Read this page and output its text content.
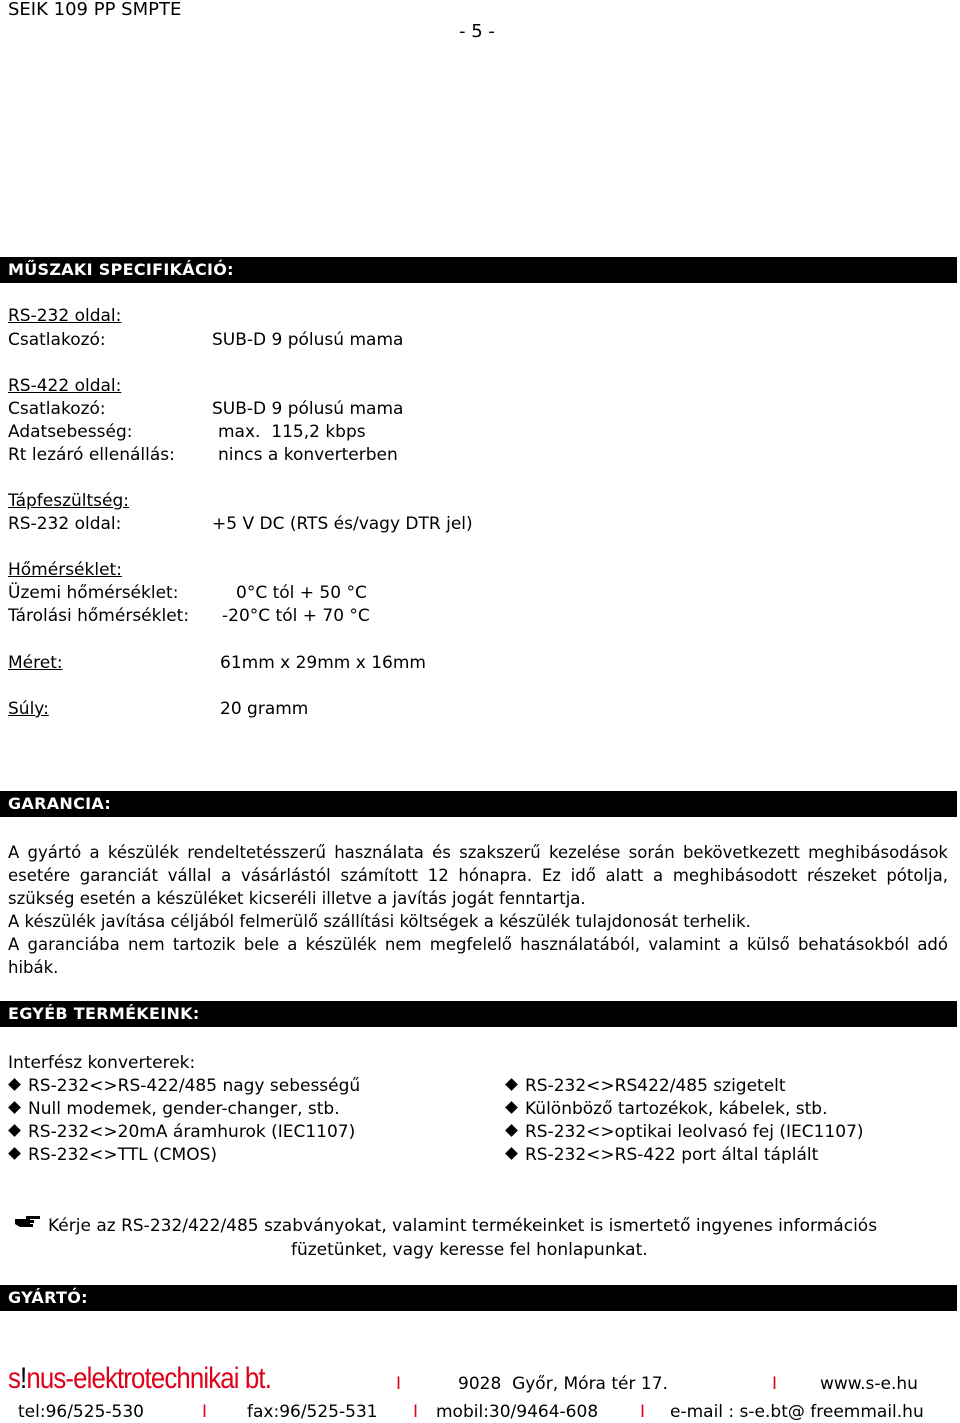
SEIK 109 PP SMPTE
- 5 -
MŰSZAKI SPECIFIKÁCIÓ:
RS-232 oldal:
Csatlakozó:	SUB-D 9 pólusú mama
RS-422 oldal:
Csatlakozó:	SUB-D 9 pólusú mama
Adatsebesség:	max.  115,2 kbps
Rt lezáró ellenállás:	nincs a konverterben
Tápfeszültség:
RS-232 oldal:	+5 V DC (RTS és/vagy DTR jel)
Hőmérséklet:
Üzemi hőmérséklet:	0°C tól + 50 °C
Tárolási hőmérséklet: -20°C tól + 70 °C
Méret:	61mm x 29mm x 16mm
Súly:	20 gramm
GARANCIA:
A gyártó a készülék rendeltetésszerű használata és szakszerű kezelése során bekövetkezett meghibásodások esetére garanciát vállal a vásárlástól számított 12 hónapra. Ez idő alatt a meghibásodott részeket pótolja, szükség esetén a készüléket kicseréli illetve a javítás jogát fenntartja.
A készülék javítása céljából felmerülő szállítási költségek a készülék tulajdonosát terhelik.
A garanciába nem tartozik bele a készülék nem megfelelő használatából, valamint a külső behatásokból adó hibák.
EGYÉB TERMÉKEINK:
Interfész konverterek:
RS-232<>RS-422/485 nagy sebességű
Null modemek, gender-changer, stb.
RS-232<>20mA áramhurok (IEC1107)
RS-232<>TTL (CMOS)
RS-232<>RS422/485 szigetelt
Különböző tartozékok, kábelek, stb.
RS-232<>optikai leolvasó fej (IEC1107)
RS-232<>RS-422 port által táplált
Kérje az RS-232/422/485 szabványokat, valamint termékeinket is ismertető ingyenes információs
füzetünket, vagy keresse fel honlapunkat.
GYÁRTÓ:
s!nus-elektrotechnikai bt.	I	9028  Győr, Móra tér 17.	I	www.s-e.hu
tel:96/525-530	I fax:96/525-531 I mobil:30/9464-608 I e-mail : s-e.bt@ freemmail.hu
